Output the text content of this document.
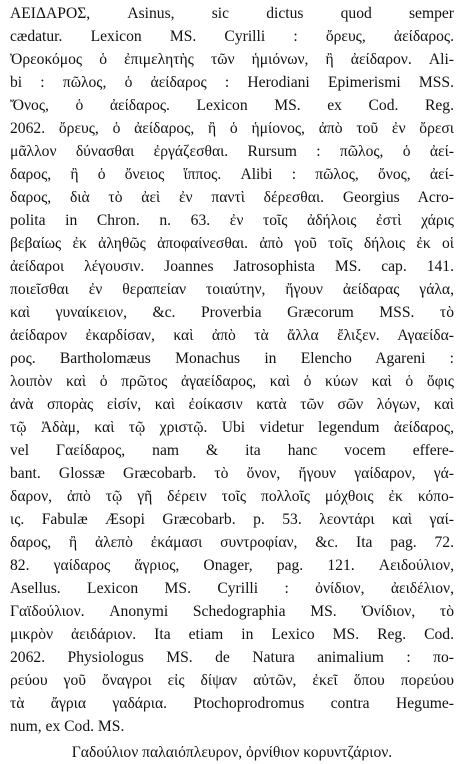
ΑΕΙΔΑΡΟΣ, Asinus, sic dictus quod semper
cædatur. Lexicon MS. Cyrilli : ὄρευς, ἀείδαρος.
Ὀρεοκόμος ὁ ἐπιμελητὴς τῶν ἡμιόνων, ἢ ἀείδαρον. Ali-
bi : πῶλος, ὁ ἀείδαρος : Herodiani Epimerismi MSS.
Ὄνος, ὁ ἀείδαρος. Lexicon MS. ex Cod. Reg.
2062. ὄρευς, ὁ ἀείδαρος, ἢ ὁ ἡμίονος, ἀπὸ τοῦ ἐν ὄρεσι
μᾶλλον δύνασθαι ἐργάζεσθαι. Rursum : πῶλος, ὁ ἀεί-
δαρος, ἢ ὁ ὄνειος ἵππος. Alibi : πῶλος, ὄνος, ἀεί-
δαρος, διὰ τὸ ἀεὶ ἐν παντὶ δέρεσθαι. Georgius Acro-
polita in Chron. n. 63. ἐν τοῖς ἀδήλοις ἐστὶ χάρις
βεβαίως ἐκ ἀληθῶς ἀποφαίνεσθαι. ἀπὸ γοῦ τοῖς δήλοις ἐκ οἱ
ἀείδαροι λέγουσιν. Joannes Jatrosophista MS. cap. 141.
ποιεῖσθαι ἐν θεραπείαν τοιαύτην, ἤγουν ἀείδαρας γάλα,
καὶ γυναίκειον, &c. Proverbia Græcorum MSS. τὸ
ἀείδαρον ἐκαρδίσαν, καὶ ἀπὸ τὰ ἄλλα ἔλιξεν. Αγαείδα-
ρος. Bartholomæus Monachus in Elencho Agareni :
λοιπὸν καὶ ὁ πρῶτος ἀγαείδαρος, καὶ ὁ κύων καὶ ὁ ὄφις
ἀνὰ σπορὰς εἰσίν, καὶ ἐοίκασιν κατὰ τῶν σῶν λόγων, καὶ
τῷ Ἀδὰμ, καὶ τῷ χριστῷ. Ubi videtur legendum ἀείδαρος,
vel Γαείδαρος, nam & ita hanc vocem effere-
bant. Glossæ Græcobarb. τὸ ὄνον, ἤγουν γαίδαρον, γά-
δαρον, ἀπὸ τῷ γῆ δέρειν τοῖς πολλοῖς μόχθοις ἐκ κόπο-
ις. Fabulæ Æsopi Græcobarb. p. 53. λεοντάρι καὶ γαί-
δαρος, ἢ ἀλεπὸ ἐκάμασι συντροφίαν, &c. Ita pag. 72.
82. γαίδαρος ἄγριος, Onager, pag. 121. Αειδούλιον,
Asellus. Lexicon MS. Cyrilli : ὀνίδιον, ἀειδέλιον,
Γαϊδούλιον. Anonymi Schedographia MS. Ὀνίδιον, τὸ
μικρὸν ἀειδάριον. Ita etiam in Lexico MS. Reg. Cod.
2062. Physiologus MS. de Natura animalium : πο-
ρεύου γοῦ ὄναγροι εἰς δίψαν αὐτῶν, ἐκεῖ ὅπου πορεύου
τὰ ἄγρια γαδάρια. Ptochoprodromus contra Hegume-
num, ex Cod. MS.
Γαδούλιον παλαιόπλευρον, ὀρνίθιον κορυντζάριον.
